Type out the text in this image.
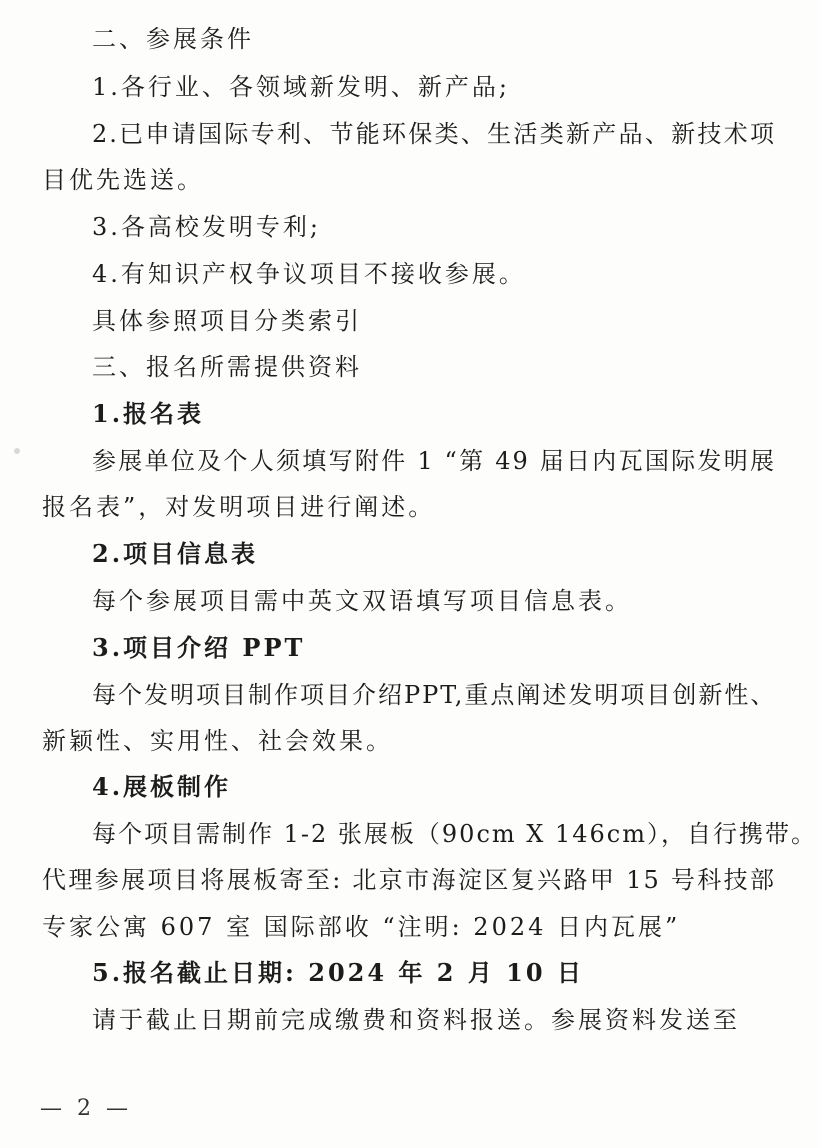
二、参展条件
1.各行业、各领域新发明、新产品;
2.已申请国际专利、节能环保类、生活类新产品、新技术项
目优先选送。
3.各高校发明专利;
4.有知识产权争议项目不接收参展。
具体参照项目分类索引
三、报名所需提供资料
1.报名表
参展单位及个人须填写附件 1 “第 49 届日内瓦国际发明展
报名表”，对发明项目进行阐述。
2.项目信息表
每个参展项目需中英文双语填写项目信息表。
3.项目介绍 PPT
每个发明项目制作项目介绍PPT,重点阐述发明项目创新性、
新颖性、实用性、社会效果。
4.展板制作
每个项目需制作 1-2 张展板（90cm X 146cm），自行携带。
代理参展项目将展板寄至: 北京市海淀区复兴路甲 15 号科技部
专家公寓 607 室 国际部收 “注明: 2024 日内瓦展”
5.报名截止日期: 2024 年 2 月 10 日
请于截止日期前完成缴费和资料报送。参展资料发送至
— 2 —
